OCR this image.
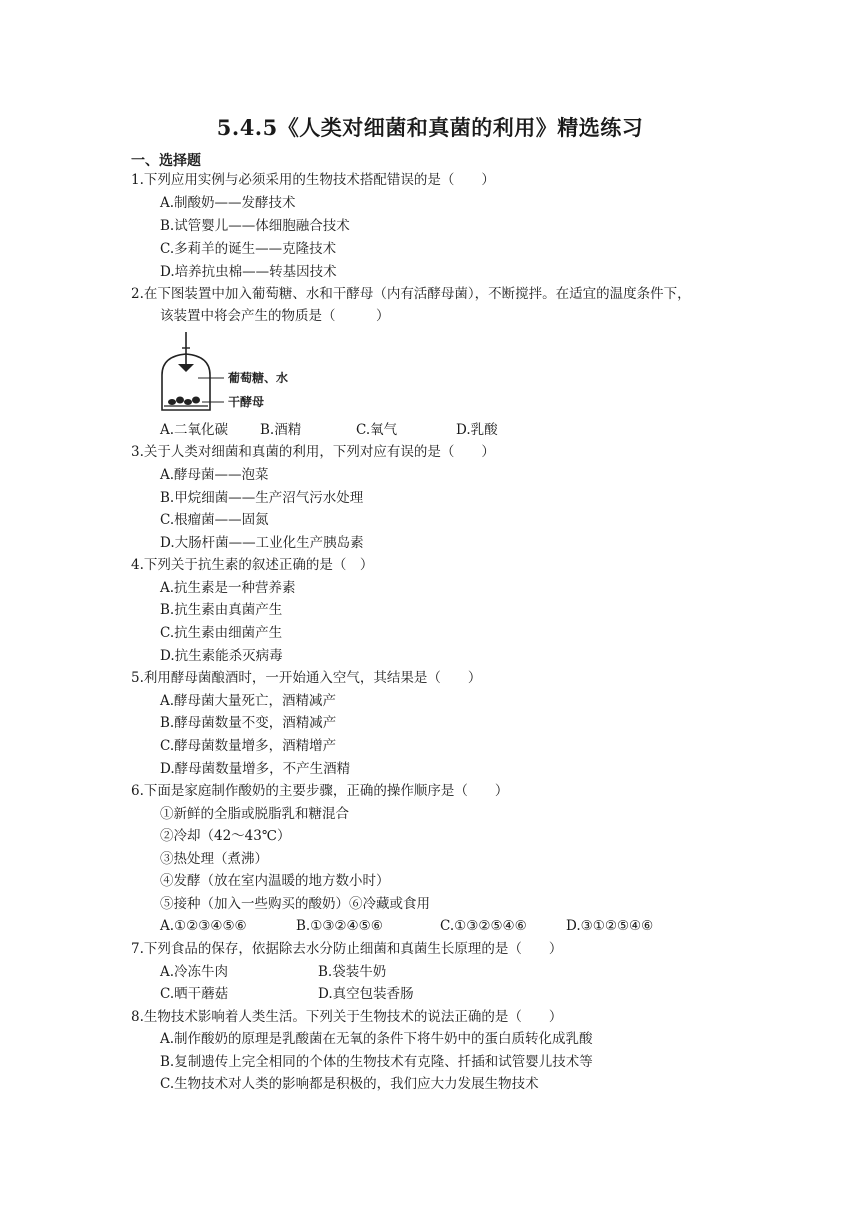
5.4.5《人类对细菌和真菌的利用》精选练习
一、选择题
1.下列应用实例与必须采用的生物技术搭配错误的是（　　）
A.制酸奶——发酵技术
B.试管婴儿——体细胞融合技术
C.多莉羊的诞生——克隆技术
D.培养抗虫棉——转基因技术
2.在下图装置中加入葡萄糖、水和干酵母（内有活酵母菌），不断搅拌。在适宜的温度条件下，
该装置中将会产生的物质是（　　　）
葡萄糖、水
干酵母
A.二氧化碳 B.酒精	C.氧气	D.乳酸
3.关于人类对细菌和真菌的利用，下列对应有误的是（　　）
A.酵母菌——泡菜
B.甲烷细菌——生产沼气污水处理
C.根瘤菌——固氮
D.大肠杆菌——工业化生产胰岛素
4.下列关于抗生素的叙述正确的是（　）
A.抗生素是一种营养素
B.抗生素由真菌产生
C.抗生素由细菌产生
D.抗生素能杀灭病毒
5.利用酵母菌酿酒时，一开始通入空气，其结果是（　　）
A.酵母菌大量死亡，酒精减产
B.酵母菌数量不变，酒精减产
C.酵母菌数量增多，酒精增产
D.酵母菌数量增多，不产生酒精
6.下面是家庭制作酸奶的主要步骤，正确的操作顺序是（　　）
①新鲜的全脂或脱脂乳和糖混合
②冷却（42～43℃）
③热处理（煮沸）
④发酵（放在室内温暖的地方数小时）
⑤接种（加入一些购买的酸奶）⑥冷藏或食用
A.①②③④⑤⑥	B.①③②④⑤⑥	C.①③②⑤④⑥	D.③①②⑤④⑥
7.下列食品的保存，依据除去水分防止细菌和真菌生长原理的是（　　）
A.冷冻牛肉	B.袋装牛奶
C.晒干蘑菇	D.真空包装香肠
8.生物技术影响着人类生活。下列关于生物技术的说法正确的是（　　）
A.制作酸奶的原理是乳酸菌在无氧的条件下将牛奶中的蛋白质转化成乳酸
B.复制遗传上完全相同的个体的生物技术有克隆、扦插和试管婴儿技术等
C.生物技术对人类的影响都是积极的，我们应大力发展生物技术
